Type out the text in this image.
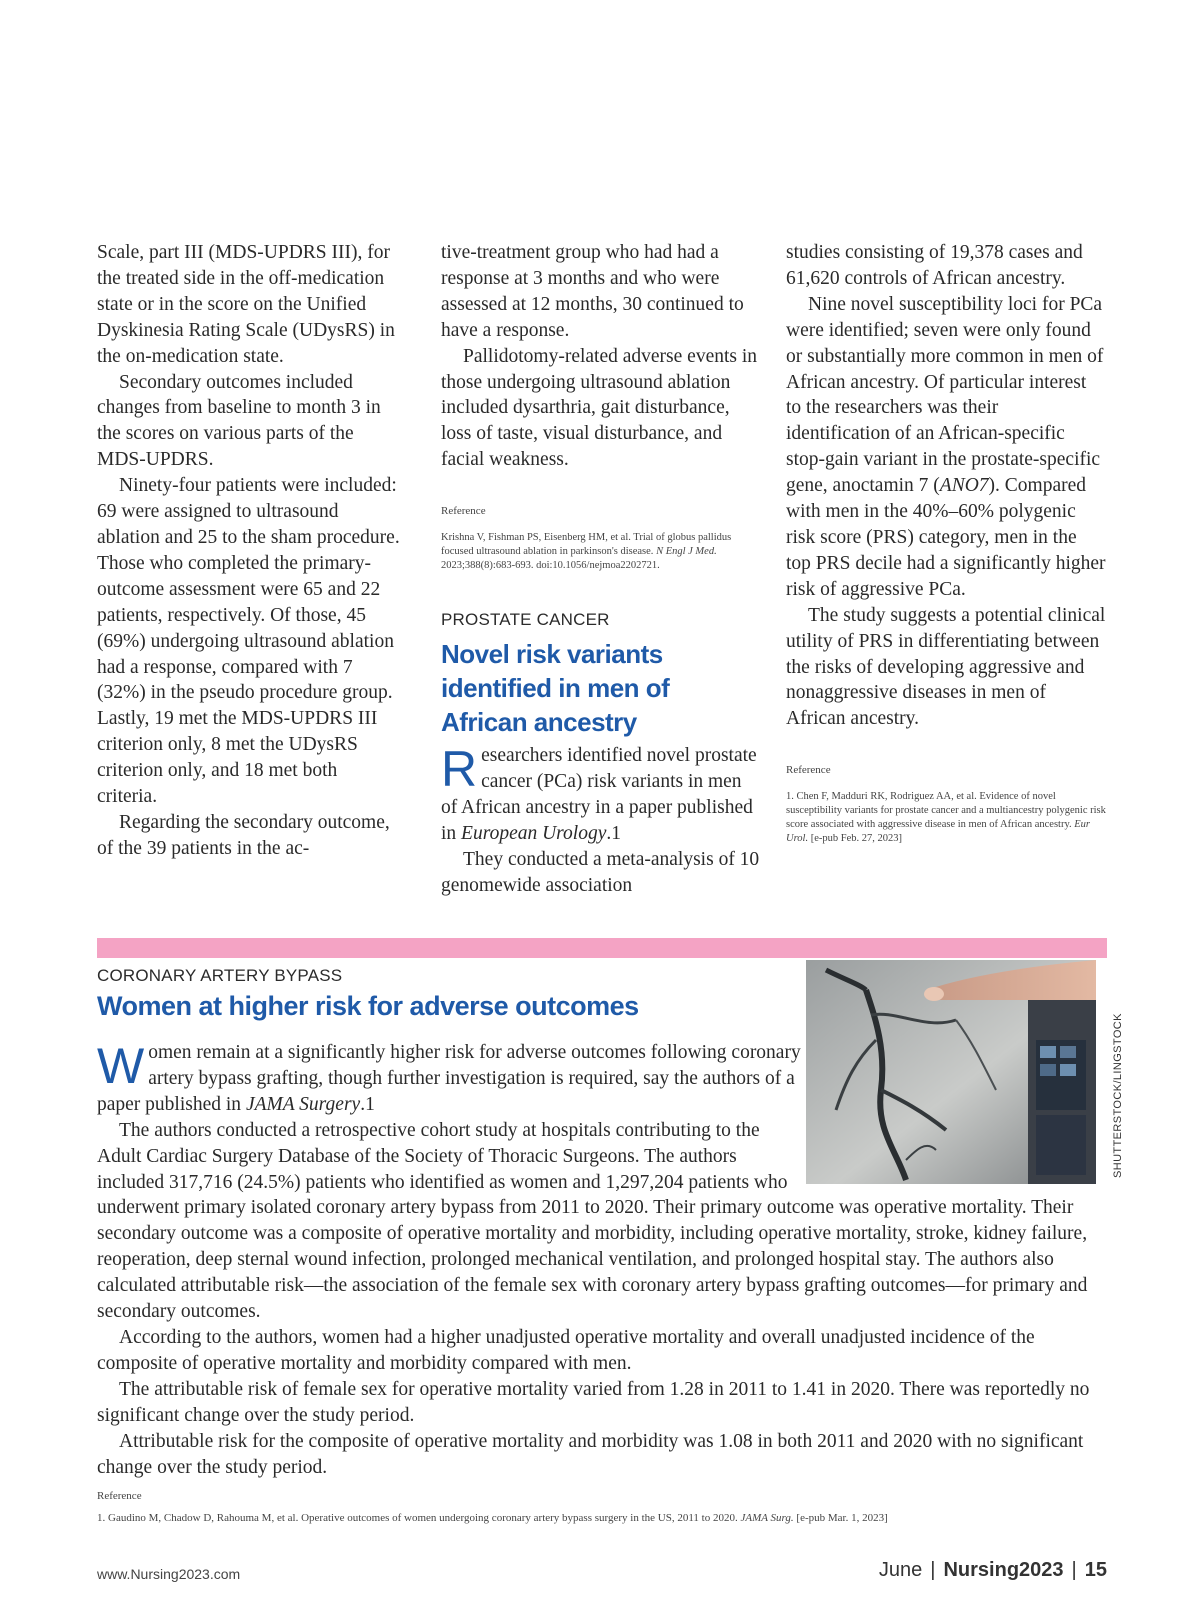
Scale, part III (MDS-UPDRS III), for the treated side in the off-medication state or in the score on the Unified Dyskinesia Rating Scale (UDysRS) in the on-medication state.

Secondary outcomes included changes from baseline to month 3 in the scores on various parts of the MDS-UPDRS.

Ninety-four patients were included: 69 were assigned to ultrasound ablation and 25 to the sham procedure. Those who completed the primary-outcome assessment were 65 and 22 patients, respectively. Of those, 45 (69%) undergoing ultrasound ablation had a response, compared with 7 (32%) in the pseudo procedure group. Lastly, 19 met the MDS-UPDRS III criterion only, 8 met the UDysRS criterion only, and 18 met both criteria.

Regarding the secondary outcome, of the 39 patients in the ac-

tive-treatment group who had had a response at 3 months and who were assessed at 12 months, 30 continued to have a response.

Pallidotomy-related adverse events in those undergoing ultrasound ablation included dysarthria, gait disturbance, loss of taste, visual disturbance, and facial weakness.

Reference
Krishna V, Fishman PS, Eisenberg HM, et al. Trial of globus pallidus focused ultrasound ablation in parkinson's disease. N Engl J Med. 2023;388(8):683-693. doi:10.1056/nejmoa2202721.
PROSTATE CANCER
Novel risk variants identified in men of African ancestry

Researchers identified novel prostate cancer (PCa) risk variants in men of African ancestry in a paper published in European Urology.1

They conducted a meta-analysis of 10 genomewide association

studies consisting of 19,378 cases and 61,620 controls of African ancestry.

Nine novel susceptibility loci for PCa were identified; seven were only found or substantially more common in men of African ancestry. Of particular interest to the researchers was their identification of an African-specific stop-gain variant in the prostate-specific gene, anoctamin 7 (ANO7). Compared with men in the 40%–60% polygenic risk score (PRS) category, men in the top PRS decile had a significantly higher risk of aggressive PCa.

The study suggests a potential clinical utility of PRS in differentiating between the risks of developing aggressive and nonaggressive diseases in men of African ancestry.

Reference
1. Chen F, Madduri RK, Rodriguez AA, et al. Evidence of novel susceptibility variants for prostate cancer and a multiancestry polygenic risk score associated with aggressive disease in men of African ancestry. Eur Urol. [e-pub Feb. 27, 2023]
CORONARY ARTERY BYPASS
Women at higher risk for adverse outcomes
SHUTTERSTOCK/LINGSTOCK

Women remain at a significantly higher risk for adverse outcomes following coronary artery bypass grafting, though further investigation is required, say the authors of a paper published in JAMA Surgery.1

The authors conducted a retrospective cohort study at hospitals contributing to the Adult Cardiac Surgery Database of the Society of Thoracic Surgeons. The authors included 317,716 (24.5%) patients who identified as women and 1,297,204 patients who underwent primary isolated coronary artery bypass from 2011 to 2020. Their primary outcome was operative mortality. Their secondary outcome was a composite of operative mortality and morbidity, including operative mortality, stroke, kidney failure, reoperation, deep sternal wound infection, prolonged mechanical ventilation, and prolonged hospital stay. The authors also calculated attributable risk—the association of the female sex with coronary artery bypass grafting outcomes—for primary and secondary outcomes.

According to the authors, women had a higher unadjusted operative mortality and overall unadjusted incidence of the composite of operative mortality and morbidity compared with men.

The attributable risk of female sex for operative mortality varied from 1.28 in 2011 to 1.41 in 2020. There was reportedly no significant change over the study period.

Attributable risk for the composite of operative mortality and morbidity was 1.08 in both 2011 and 2020 with no significant change over the study period.

Reference
1. Gaudino M, Chadow D, Rahouma M, et al. Operative outcomes of women undergoing coronary artery bypass surgery in the US, 2011 to 2020. JAMA Surg. [e-pub Mar. 1, 2023]
www.Nursing2023.com	June | Nursing2023 | 15
